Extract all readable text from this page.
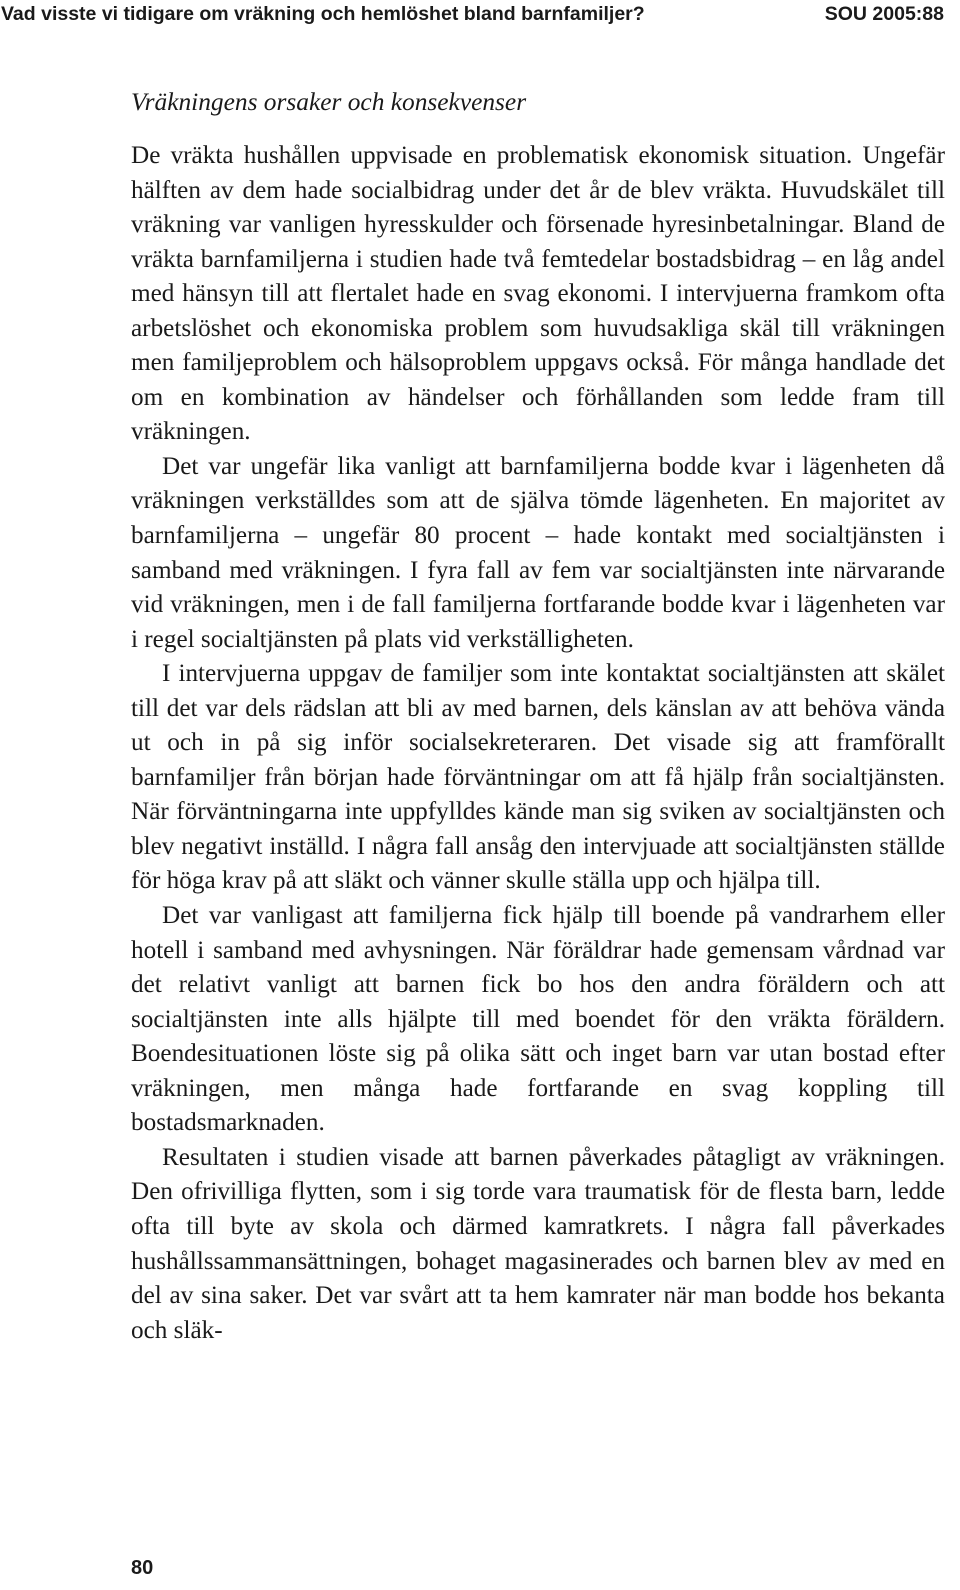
Vad visste vi tidigare om vräkning och hemlöshet bland barnfamiljer?	SOU 2005:88
Vräkningens orsaker och konsekvenser

De vräkta hushållen uppvisade en problematisk ekonomisk situation. Ungefär hälften av dem hade socialbidrag under det år de blev vräkta. Huvudskälet till vräkning var vanligen hyresskulder och försenade hyresinbetalningar. Bland de vräkta barnfamiljerna i studien hade två femtedelar bostadsbidrag – en låg andel med hänsyn till att flertalet hade en svag ekonomi. I intervjuerna framkom ofta arbetslöshet och ekonomiska problem som huvudsakliga skäl till vräkningen men familjeproblem och hälsoproblem uppgavs också. För många handlade det om en kombination av händelser och förhållanden som ledde fram till vräkningen.

Det var ungefär lika vanligt att barnfamiljerna bodde kvar i lägenheten då vräkningen verkställdes som att de själva tömde lägenheten. En majoritet av barnfamiljerna – ungefär 80 procent – hade kontakt med socialtjänsten i samband med vräkningen. I fyra fall av fem var socialtjänsten inte närvarande vid vräkningen, men i de fall familjerna fortfarande bodde kvar i lägenheten var i regel socialtjänsten på plats vid verkställigheten.

I intervjuerna uppgav de familjer som inte kontaktat socialtjänsten att skälet till det var dels rädslan att bli av med barnen, dels känslan av att behöva vända ut och in på sig inför socialsekreteraren. Det visade sig att framförallt barnfamiljer från början hade förväntningar om att få hjälp från socialtjänsten. När förväntningarna inte uppfylldes kände man sig sviken av socialtjänsten och blev negativt inställd. I några fall ansåg den intervjuade att socialtjänsten ställde för höga krav på att släkt och vänner skulle ställa upp och hjälpa till.

Det var vanligast att familjerna fick hjälp till boende på vandrarhem eller hotell i samband med avhysningen. När föräldrar hade gemensam vårdnad var det relativt vanligt att barnen fick bo hos den andra föräldern och att socialtjänsten inte alls hjälpte till med boendet för den vräkta föräldern. Boendesituationen löste sig på olika sätt och inget barn var utan bostad efter vräkningen, men många hade fortfarande en svag koppling till bostadsmarknaden.

Resultaten i studien visade att barnen påverkades påtagligt av vräkningen. Den ofrivilliga flytten, som i sig torde vara traumatisk för de flesta barn, ledde ofta till byte av skola och därmed kamratkrets. I några fall påverkades hushållssammansättningen, bohaget magasinerades och barnen blev av med en del av sina saker. Det var svårt att ta hem kamrater när man bodde hos bekanta och släk-

80
